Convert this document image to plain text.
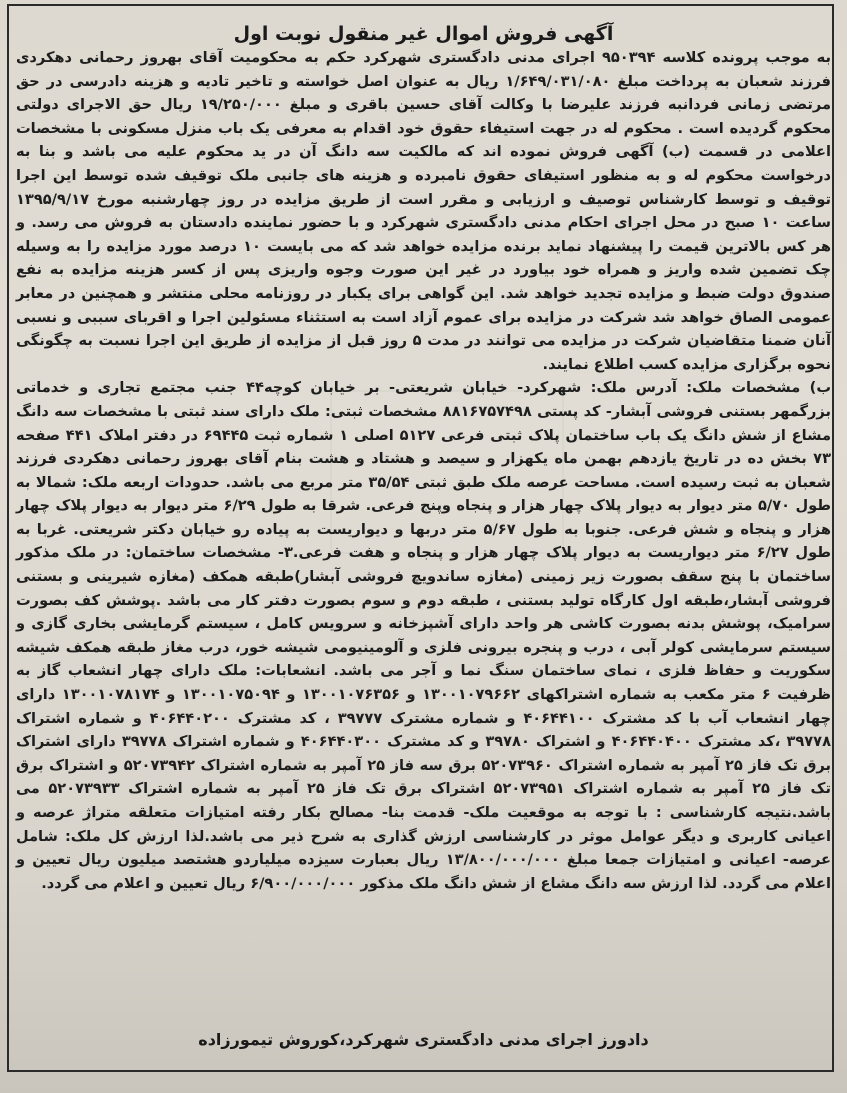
آگهی فروش اموال غیر منقول نوبت اول

به موجب پرونده کلاسه ۹۵۰۳۹۴ اجرای مدنی دادگستری شهرکرد حکم به محکومیت آقای بهروز رحمانی دهکردی فرزند شعبان به پرداخت مبلغ ۱/۶۴۹/۰۳۱/۰۸۰ ریال به عنوان اصل خواسته و تاخیر تادیه و هزینه دادرسی در حق مرتضی زمانی فردانبه فرزند علیرضا با وکالت آقای حسین باقری و مبلغ ۱۹/۲۵۰/۰۰۰ ریال حق الاجرای دولتی محکوم گردیده است . محکوم له در جهت استیفاء حقوق خود اقدام به معرفی یک باب منزل مسکونی با مشخصات اعلامی در قسمت (ب) آگهی فروش نموده اند که مالکیت سه دانگ آن در ید محکوم علیه می باشد و بنا به درخواست محکوم له و به منظور استیفای حقوق نامبرده و هزینه های جانبی ملک توقیف شده توسط این اجرا توقیف و توسط کارشناس توصیف و ارزیابی و مقرر است از طریق مزایده در روز چهارشنبه مورخ ۱۳۹۵/۹/۱۷ ساعت ۱۰ صبح در محل اجرای احکام مدنی دادگستری شهرکرد و با حضور نماینده دادستان به فروش می رسد. و هر کس بالاترین قیمت را پیشنهاد نماید برنده مزایده خواهد شد که می بایست ۱۰ درصد مورد مزایده را به وسیله چک تضمین شده واریز و همراه خود بیاورد در غیر این صورت وجوه واریزی پس از کسر هزینه مزایده به نفع صندوق دولت ضبط و مزایده تجدید خواهد شد. این گواهی برای یکبار در روزنامه محلی منتشر و همچنین در معابر عمومی الصاق خواهد شد شرکت در مزایده برای عموم آزاد است به استثناء مسئولین اجرا و اقربای سببی و نسبی آنان ضمنا متقاضیان شرکت در مزایده می توانند در مدت ۵ روز قبل از مزایده از طریق این اجرا نسبت به چگونگی نحوه برگزاری مزایده کسب اطلاع نمایند.

ب) مشخصات ملک: آدرس ملک: شهرکرد- خیابان شریعتی- بر خیابان کوچه۴۴ جنب مجتمع تجاری و خدماتی بزرگمهر بستنی فروشی آبشار- کد پستی ۸۸۱۶۷۵۷۴۹۸ مشخصات ثبتی: ملک دارای سند ثبتی با مشخصات سه دانگ مشاع از شش دانگ یک باب ساختمان پلاک ثبتی فرعی ۵۱۲۷ اصلی ۱ شماره ثبت ۶۹۴۴۵ در دفتر املاک ۴۴۱ صفحه ۷۳ بخش ده در تاریخ یازدهم بهمن ماه یکهزار و سیصد و هشتاد و هشت بنام آقای بهروز رحمانی دهکردی فرزند شعبان به ثبت رسیده است. مساحت عرصه ملک طبق ثبتی ۳۵/۵۴ متر مربع می باشد. حدودات اربعه ملک: شمالا به طول ۵/۷۰ متر دیوار به دیوار پلاک چهار هزار و پنجاه وپنج فرعی. شرقا به طول ۶/۲۹ متر دیوار به دیوار پلاک چهار هزار و پنجاه و شش فرعی. جنوبا به طول ۵/۶۷ متر دربها و دیواریست به پیاده رو خیابان دکتر شریعتی. غربا به طول ۶/۲۷ متر دیواریست به دیوار پلاک چهار هزار و پنجاه و هفت فرعی.۳- مشخصات ساختمان: در ملک مذکور ساختمان با پنج سقف بصورت زیر زمینی (مغازه ساندویچ فروشی آبشار)طبقه همکف (مغازه شیرینی و بستنی فروشی آبشار،طبقه اول کارگاه تولید بستنی ، طبقه دوم و سوم بصورت دفتر کار می باشد .پوشش کف بصورت سرامیک، پوشش بدنه بصورت کاشی هر واحد دارای آشپزخانه و سرویس کامل ، سیستم گرمایشی بخاری گازی و سیستم سرمایشی کولر آبی ، درب و پنجره بیرونی فلزی و آلومینیومی شیشه خور، درب مغاز طبقه همکف شیشه سکوریت و حفاظ فلزی ، نمای ساختمان سنگ نما و آجر می باشد. انشعابات: ملک دارای چهار انشعاب گاز به ظرفیت ۶ متر مکعب به شماره اشتراکهای ۱۳۰۰۱۰۷۹۶۶۲ و ۱۳۰۰۱۰۷۶۳۵۶ و ۱۳۰۰۱۰۷۵۰۹۴ و ۱۳۰۰۱۰۷۸۱۷۴ دارای چهار انشعاب آب با کد مشترک ۴۰۶۴۴۱۰۰ و شماره مشترک ۳۹۷۷۷ ، کد مشترک ۴۰۶۴۴۰۲۰۰ و شماره اشتراک ۳۹۷۷۸ ،کد مشترک ۴۰۶۴۴۰۴۰۰ و اشتراک ۳۹۷۸۰ و کد مشترک ۴۰۶۴۴۰۳۰۰ و شماره اشتراک ۳۹۷۷۸ دارای اشتراک برق تک فاز ۲۵ آمپر به شماره اشتراک ۵۲۰۷۳۹۶۰ برق سه فاز ۲۵ آمپر به شماره اشتراک ۵۲۰۷۳۹۴۲ و اشتراک برق تک فاز ۲۵ آمپر به شماره اشتراک ۵۲۰۷۳۹۵۱ اشتراک برق تک فاز ۲۵ آمپر به شماره اشتراک ۵۲۰۷۳۹۳۳ می باشد.نتیجه کارشناسی : با توجه به موقعیت ملک- قدمت بنا- مصالح بکار رفته امتیازات متعلقه متراژ عرصه و اعیانی کاربری و دیگر عوامل موثر در کارشناسی ارزش گذاری به شرح ذیر می باشد.لذا ارزش کل ملک: شامل عرصه- اعیانی و امتیازات جمعا مبلغ ۱۳/۸۰۰/۰۰۰/۰۰۰ ریال بعبارت سیزده میلیاردو هشتصد میلیون ریال تعیین و اعلام می گردد. لذا ارزش سه دانگ مشاع از شش دانگ ملک مذکور ۶/۹۰۰/۰۰۰/۰۰۰ ریال تعیین و اعلام می گردد.

دادورز اجرای مدنی دادگستری شهرکرد،کوروش تیمورزاده
